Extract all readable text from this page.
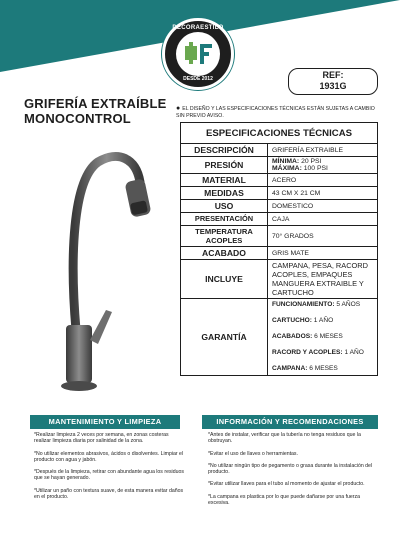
DECORAESTILO
DESDE 2012	REF:
1931G
GRIFERÍA EXTRAÍBLE
MONOCONTROL
● EL DISEÑO Y LAS ESPECIFICACIONES TÉCNICAS ESTÁN SUJETAS A CAMBIO SIN PREVIO AVISO.
ESPECIFICACIONES TÉCNICAS	
DESCRIPCIÓN	GRIFERÍA EXTRAIBLE
PRESIÓN	MÍNIMA: 20 PSI
MÁXIMA: 100 PSI

MATERIAL	ACERO
MEDIDAS	43 CM X 21 CM
USO	DOMESTICO
PRESENTACIÓN	CAJA

TEMPERATURA
ACOPLES	70° GRADOS
ACABADO	GRIS MATE
INCLUYE	CAMPANA, PESA, RACORD ACOPLES, EMPAQUES MANGUERA EXTRAIBLE Y CARTUCHO
GARANTÍA	FUNCIONAMIENTO: 5 AÑOS
CARTUCHO: 1 AÑO
ACABADOS: 6 MESES
RACORD Y ACOPLES: 1 AÑO
CAMPANA: 6 MESES
MANTENIMIENTO Y LIMPIEZA

*Realizar limpieza 2 veces por semana, en zonas costeras realizar limpieza diaria por salinidad de la zona.

*No utilizar elementos abrasivos, ácidos o disolventes. Limpiar el producto con agua y jabón.

*Después de la limpieza, retirar con abundante agua los residuos que se hayan generado.

*Utilizar un paño con textura suave, de esta manera evitar daños en el producto.

INFORMACIÓN Y RECOMENDACIONES

*Antes de instalar, verificar que la tubería no tenga residuos que la obstruyan.

*Evitar el uso de llaves o herramientas.

*No utilizar ningún tipo de pegamento o grasa durante la instalación del producto.

*Evitar utilizar llaves para el tubo al momento de ajustar el producto.

*La campana es plastica por lo que puede dañarse por una fuerza excesiva.
